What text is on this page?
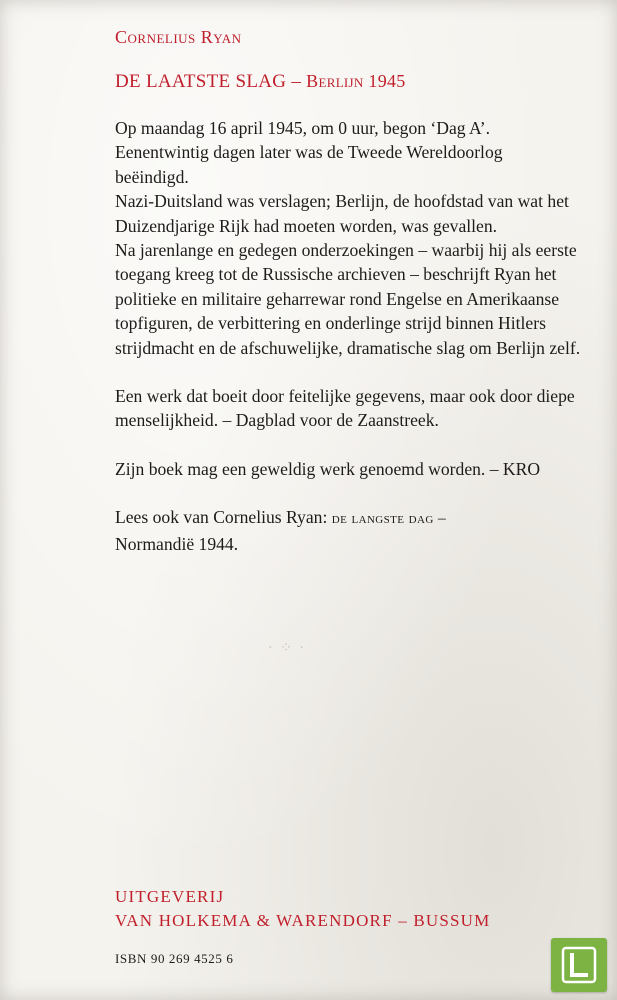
Cornelius Ryan
DE LAATSTE SLAG – Berlijn 1945

Op maandag 16 april 1945, om 0 uur, begon ‘Dag A’.

Eenentwintig dagen later was de Tweede Wereldoorlog

beëindigd.

Nazi-Duitsland was verslagen; Berlijn, de hoofdstad van wat het Duizendjarige Rijk had moeten worden, was gevallen.

Na jarenlange en gedegen onderzoekingen – waarbij hij als eerste toegang kreeg tot de Russische archieven – beschrijft Ryan het politieke en militaire geharrewar rond Engelse en Amerikaanse topfiguren, de verbittering en onderlinge strijd binnen Hitlers strijdmacht en de afschuwelijke, dramatische slag om Berlijn zelf.

Een werk dat boeit door feitelijke gegevens, maar ook door diepe menselijkheid. – Dagblad voor de Zaanstreek.

Zijn boek mag een geweldig werk genoemd worden. – KRO

Lees ook van Cornelius Ryan: de langste dag –

Normandië 1944.

· ⁘ ·
UITGEVERIJ
VAN HOLKEMA & WARENDORF – BUSSUM
ISBN 90 269 4525 6
